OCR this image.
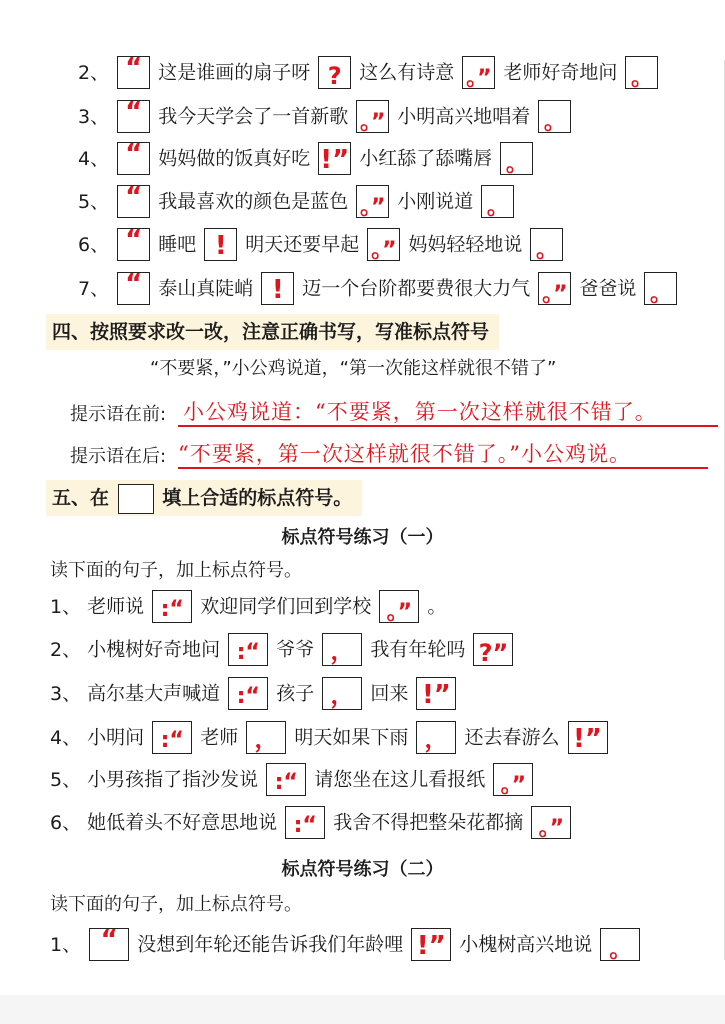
2、 “ 这是谁画的扇子呀 ? 这么有诗意 。” 老师好奇地问 。
3、 “ 我今天学会了一首新歌 。” 小明高兴地唱着 。
4、 “ 妈妈做的饭真好吃 !” 小红舔了舔嘴唇 。
5、 “ 我最喜欢的颜色是蓝色 。” 小刚说道 。
6、 “ 睡吧 ! 明天还要早起 。” 妈妈轻轻地说 。
7、 “ 泰山真陡峭 ! 迈一个台阶都要费很大力气 。” 爸爸说 。
四、按照要求改一改，注意正确书写，写准标点符号
“不要紧，”小公鸡说道，“第一次能这样就很不错了”
提示语在前: 小公鸡说道：“不要紧，第一次这样就很不错了。
提示语在后: “不要紧，第一次这样就很不错了。”小公鸡说。
五、在	填上合适的标点符号。
标点符号练习（一）
读下面的句子，加上标点符号。
1、 老师说 :“ 欢迎同学们回到学校 。” 。
2、 小槐树好奇地问 :“ 爷爷 ， 我有年轮吗 ?”
3、 高尔基大声喊道 :“ 孩子 ， 回来 !”
4、 小明问 :“ 老师 ， 明天如果下雨 ， 还去春游么 !”
5、 小男孩指了指沙发说 :“ 请您坐在这儿看报纸 。”
6、 她低着头不好意思地说 :“ 我舍不得把整朵花都摘 。”
标点符号练习（二）
读下面的句子，加上标点符号。
1、 “	没想到年轮还能告诉我们年龄哩 !” 小槐树高兴地说 。
